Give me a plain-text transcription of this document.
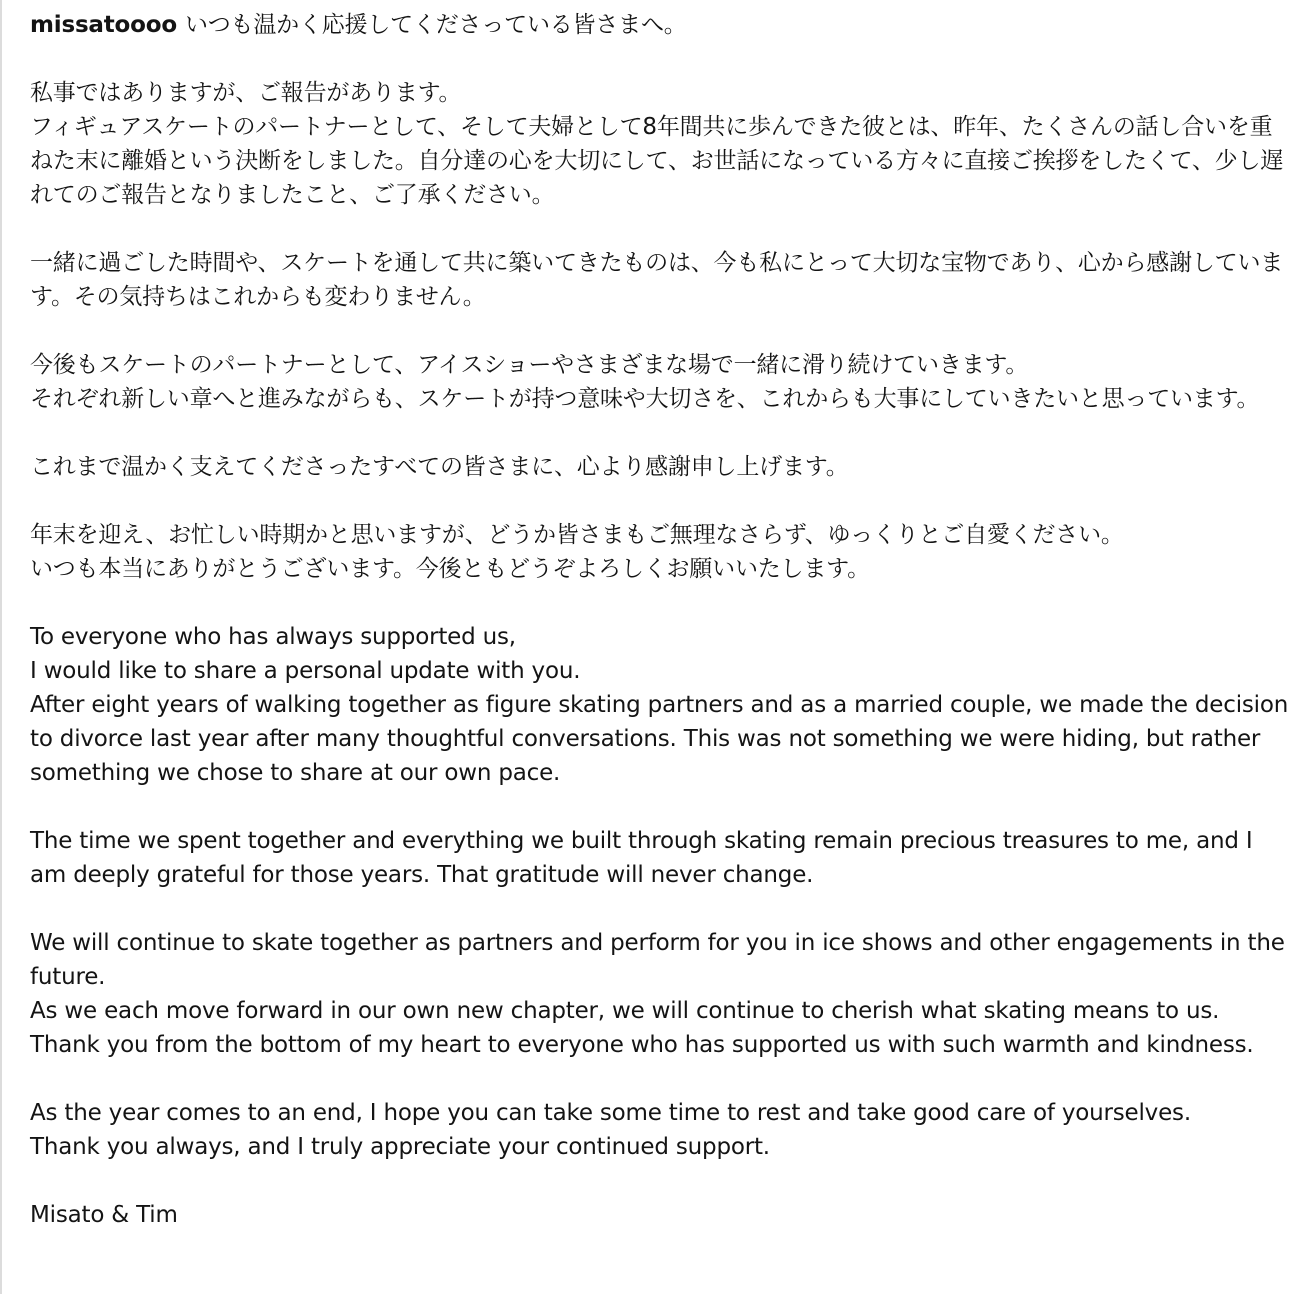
missatoooo いつも温かく応援してくださっている皆さまへ。

私事ではありますが、ご報告があります。
フィギュアスケートのパートナーとして、そして夫婦として8年間共に歩んできた彼とは、昨年、たくさんの話し合いを重ねた末に離婚という決断をしました。自分達の心を大切にして、お世話になっている方々に直接ご挨拶をしたくて、少し遅れてのご報告となりましたこと、ご了承ください。

一緒に過ごした時間や、スケートを通して共に築いてきたものは、今も私にとって大切な宝物であり、心から感謝しています。その気持ちはこれからも変わりません。

今後もスケートのパートナーとして、アイスショーやさまざまな場で一緒に滑り続けていきます。
それぞれ新しい章へと進みながらも、スケートが持つ意味や大切さを、これからも大事にしていきたいと思っています。

これまで温かく支えてくださったすべての皆さまに、心より感謝申し上げます。

年末を迎え、お忙しい時期かと思いますが、どうか皆さまもご無理なさらず、ゆっくりとご自愛ください。
いつも本当にありがとうございます。今後ともどうぞよろしくお願いいたします。

To everyone who has always supported us,
I would like to share a personal update with you.
After eight years of walking together as figure skating partners and as a married couple, we made the decision to divorce last year after many thoughtful conversations. This was not something we were hiding, but rather something we chose to share at our own pace.

The time we spent together and everything we built through skating remain precious treasures to me, and I am deeply grateful for those years. That gratitude will never change.

We will continue to skate together as partners and perform for you in ice shows and other engagements in the future.
As we each move forward in our own new chapter, we will continue to cherish what skating means to us.
Thank you from the bottom of my heart to everyone who has supported us with such warmth and kindness.

As the year comes to an end, I hope you can take some time to rest and take good care of yourselves.
Thank you always, and I truly appreciate your continued support.

Misato & Tim
